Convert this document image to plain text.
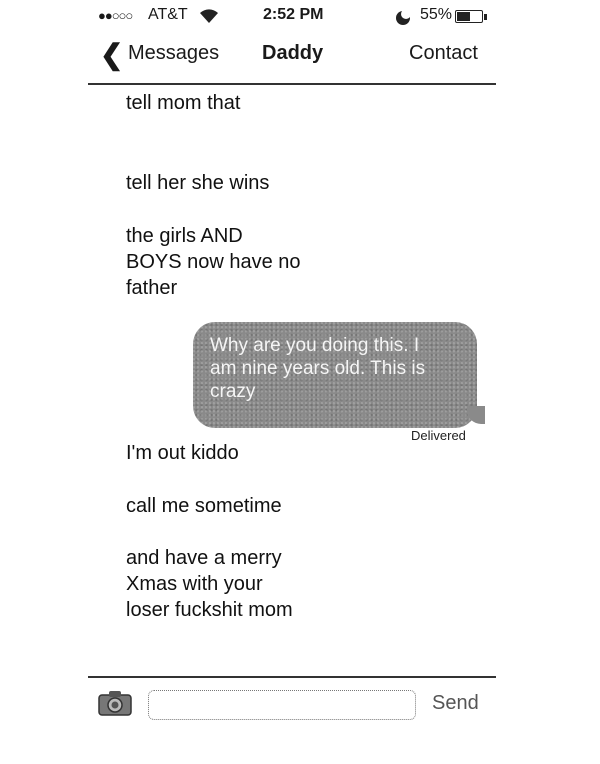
●●○○○ AT&T	2:52 PM	55%
❮ Messages Daddy	Contact
tell mom that
tell her she wins
the girls AND
BOYS now have no
father
Why are you doing this. I
am nine years old. This is
crazy
Delivered
I'm out kiddo
call me sometime
and have a merry
Xmas with your
loser fuckshit mom
Send
